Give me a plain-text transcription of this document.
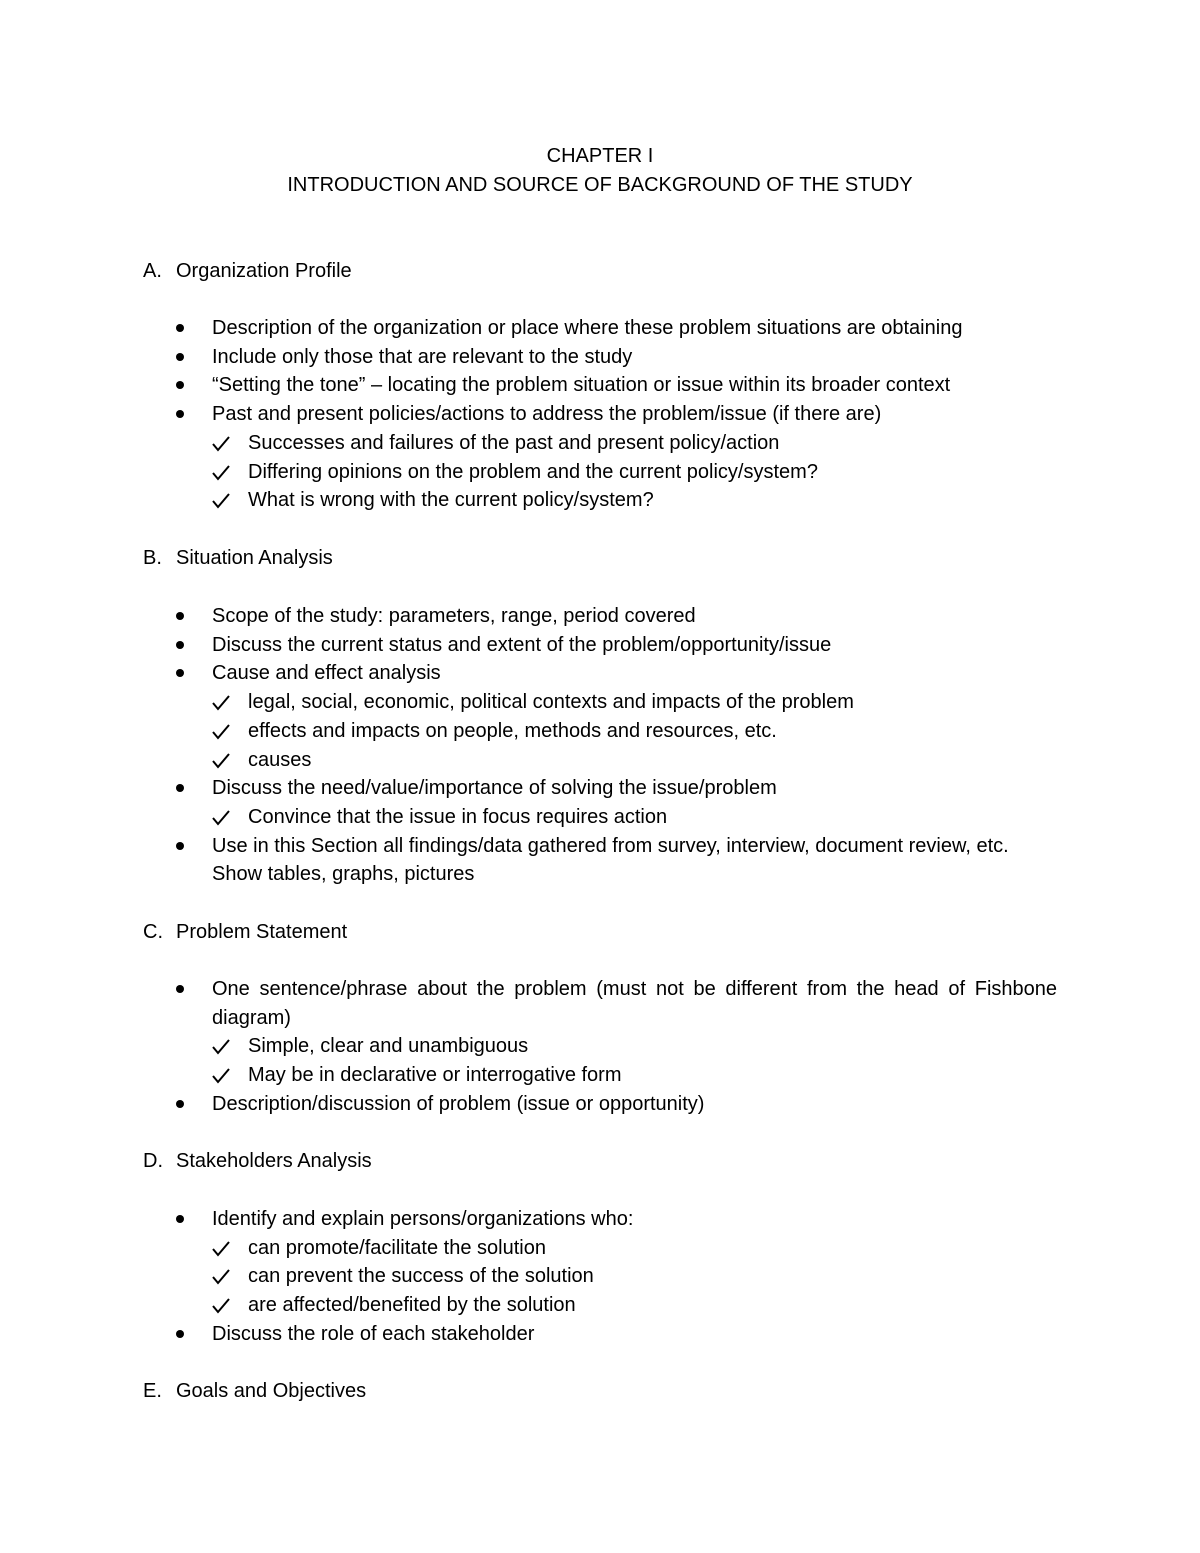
CHAPTER I
INTRODUCTION AND SOURCE OF BACKGROUND OF THE STUDY
A. Organization Profile
Description of the organization or place where these problem situations are obtaining
Include only those that are relevant to the study
“Setting the tone” – locating the problem situation or issue within its broader context
Past and present policies/actions to address the problem/issue (if there are)
Successes and failures of the past and present policy/action
Differing opinions on the problem and the current policy/system?
What is wrong with the current policy/system?
B. Situation Analysis
Scope of the study: parameters, range, period covered
Discuss the current status and extent of the problem/opportunity/issue
Cause and effect analysis
legal, social, economic, political contexts and impacts of the problem
effects and impacts on people, methods and resources, etc.
causes
Discuss the need/value/importance of solving the issue/problem
Convince that the issue in focus requires action
Use in this Section all findings/data gathered from survey, interview, document review, etc. Show tables, graphs, pictures
C. Problem Statement
One sentence/phrase about the problem (must not be different from the head of Fishbone diagram)
Simple, clear and unambiguous
May be in declarative or interrogative form
Description/discussion of problem (issue or opportunity)
D. Stakeholders Analysis
Identify and explain persons/organizations who:
can promote/facilitate the solution
can prevent the success of the solution
are affected/benefited by the solution
Discuss the role of each stakeholder
E. Goals and Objectives
